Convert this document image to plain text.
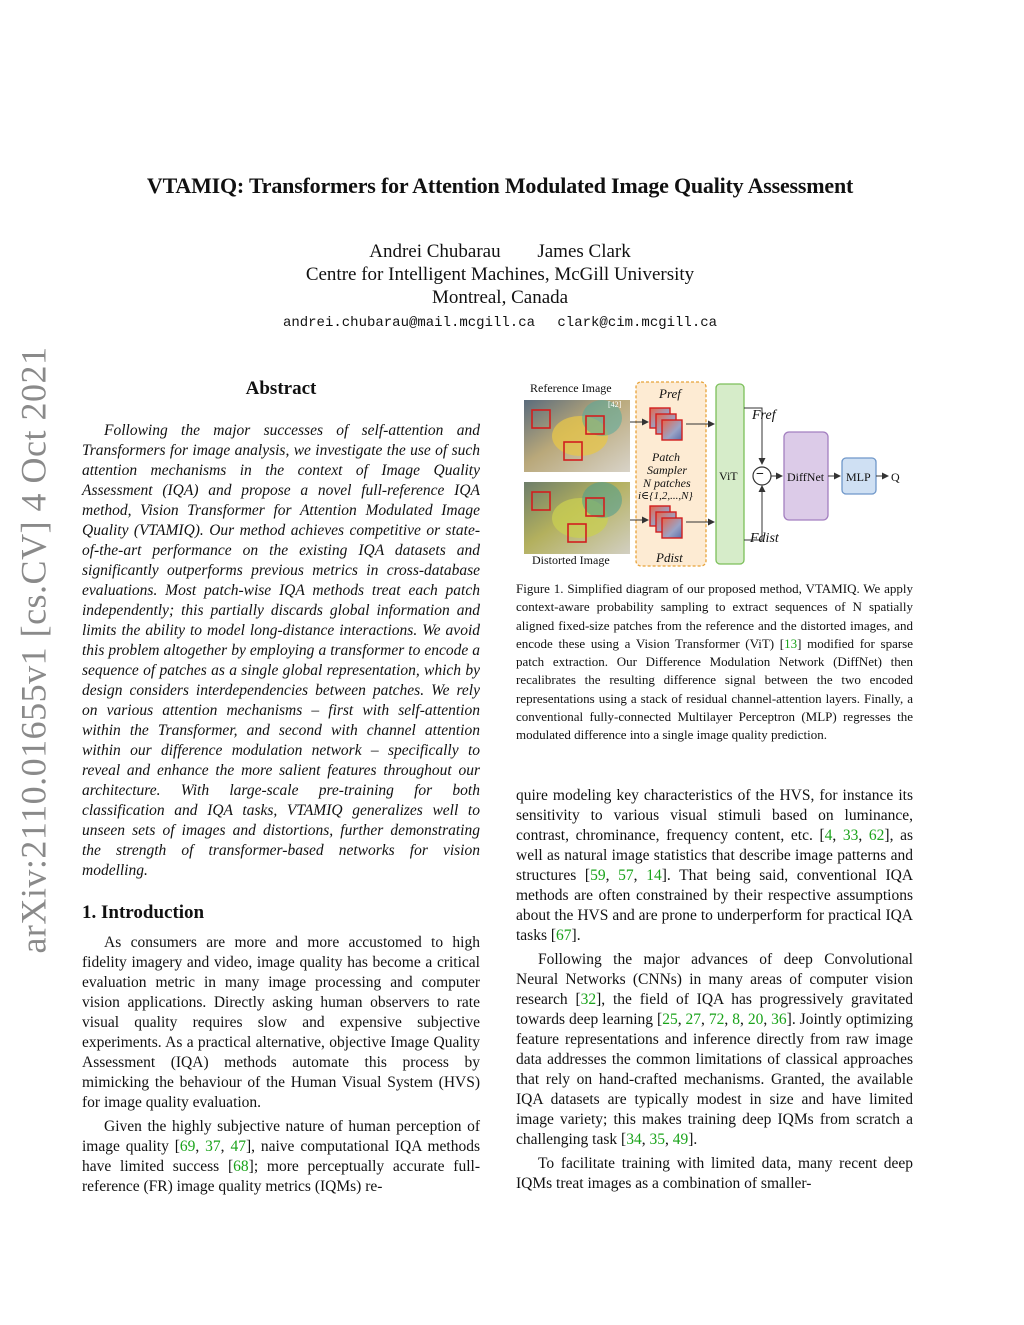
arXiv:2110.01655v1 [cs.CV] 4 Oct 2021
VTAMIQ: Transformers for Attention Modulated Image Quality Assessment
Andrei Chubarau James Clark
Centre for Intelligent Machines, McGill University
Montreal, Canada
andrei.chubarau@mail.mcgill.ca clark@cim.mcgill.ca
Abstract
Following the major successes of self-attention and Transformers for image analysis, we investigate the use of such attention mechanisms in the context of Image Quality Assessment (IQA) and propose a novel full-reference IQA method, Vision Transformer for Attention Modulated Image Quality (VTAMIQ). Our method achieves competitive or state-of-the-art performance on the existing IQA datasets and significantly outperforms previous metrics in cross-database evaluations. Most patch-wise IQA methods treat each patch independently; this partially discards global information and limits the ability to model long-distance interactions. We avoid this problem altogether by employing a transformer to encode a sequence of patches as a single global representation, which by design considers interdependencies between patches. We rely on various attention mechanisms – first with self-attention within the Transformer, and second with channel attention within our difference modulation network – specifically to reveal and enhance the more salient features throughout our architecture. With large-scale pre-training for both classification and IQA tasks, VTAMIQ generalizes well to unseen sets of images and distortions, further demonstrating the strength of transformer-based networks for vision modelling.
1. Introduction

As consumers are more and more accustomed to high fidelity imagery and video, image quality has become a critical evaluation metric in many image processing and computer vision applications. Directly asking human observers to rate visual quality requires slow and expensive subjective experiments. As a practical alternative, objective Image Quality Assessment (IQA) methods automate this process by mimicking the behaviour of the Human Visual System (HVS) for image quality evaluation.

Given the highly subjective nature of human perception of image quality [69, 37, 47], naive computational IQA methods have limited success [68]; more perceptually accurate full-reference (FR) image quality metrics (IQMs) re-

Reference Image
Distorted Image
[42]
Pref
Pdist
Patch
Sampler
N patches
i∈{1,2,...,N}
ViT
Fref
Fdist
− DiffNet MLP Q
Figure 1. Simplified diagram of our proposed method, VTAMIQ. We apply context-aware probability sampling to extract sequences of N spatially aligned fixed-size patches from the reference and the distorted images, and encode these using a Vision Transformer (ViT) [13] modified for sparse patch extraction. Our Difference Modulation Network (DiffNet) then recalibrates the resulting difference signal between the two encoded representations using a stack of residual channel-attention layers. Finally, a conventional fully-connected Multilayer Perceptron (MLP) regresses the modulated difference into a single image quality prediction.

quire modeling key characteristics of the HVS, for instance its sensitivity to various visual stimuli based on luminance, contrast, chrominance, frequency content, etc. [4, 33, 62], as well as natural image statistics that describe image patterns and structures [59, 57, 14]. That being said, conventional IQA methods are often constrained by their respective assumptions about the HVS and are prone to underperform for practical IQA tasks [67].

Following the major advances of deep Convolutional Neural Networks (CNNs) in many areas of computer vision research [32], the field of IQA has progressively gravitated towards deep learning [25, 27, 72, 8, 20, 36]. Jointly optimizing feature representations and inference directly from raw image data addresses the common limitations of classical approaches that rely on hand-crafted mechanisms. Granted, the available IQA datasets are typically modest in size and have limited image variety; this makes training deep IQMs from scratch a challenging task [34, 35, 49].

To facilitate training with limited data, many recent deep IQMs treat images as a combination of smaller-
